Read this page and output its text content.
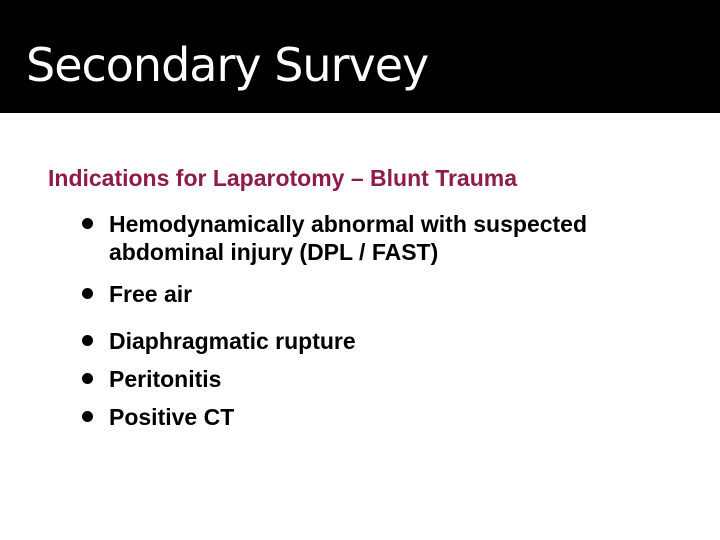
Secondary Survey
Indications for Laparotomy – Blunt Trauma
Hemodynamically abnormal with suspected abdominal injury (DPL / FAST)
Free air
Diaphragmatic rupture
Peritonitis
Positive CT
